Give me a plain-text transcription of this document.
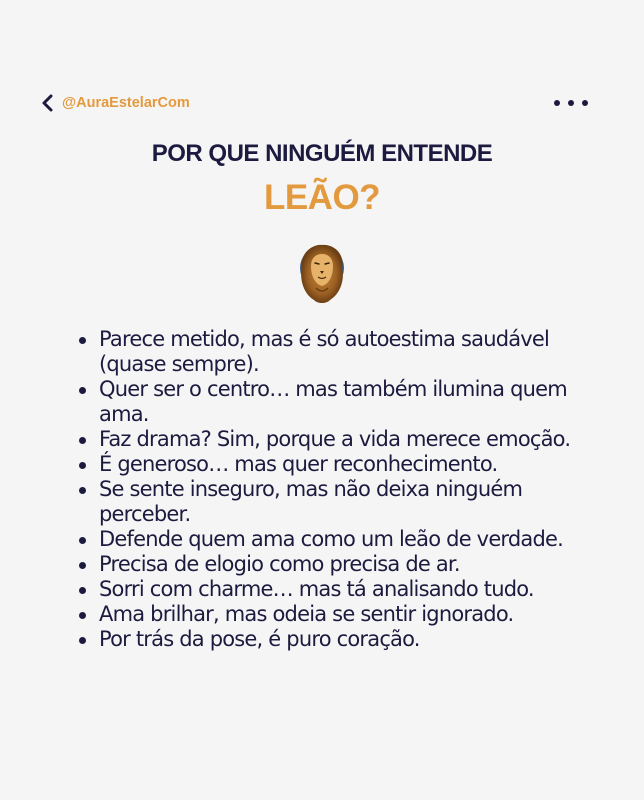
@AuraEstelarCom
POR QUE NINGUÉM ENTENDE
LEÃO?
Parece metido, mas é só autoestima saudável (quase sempre).
Quer ser o centro… mas também ilumina quem ama.
Faz drama? Sim, porque a vida merece emoção.
É generoso… mas quer reconhecimento.
Se sente inseguro, mas não deixa ninguém perceber.
Defende quem ama como um leão de verdade.
Precisa de elogio como precisa de ar.
Sorri com charme… mas tá analisando tudo.
Ama brilhar, mas odeia se sentir ignorado.
Por trás da pose, é puro coração.
